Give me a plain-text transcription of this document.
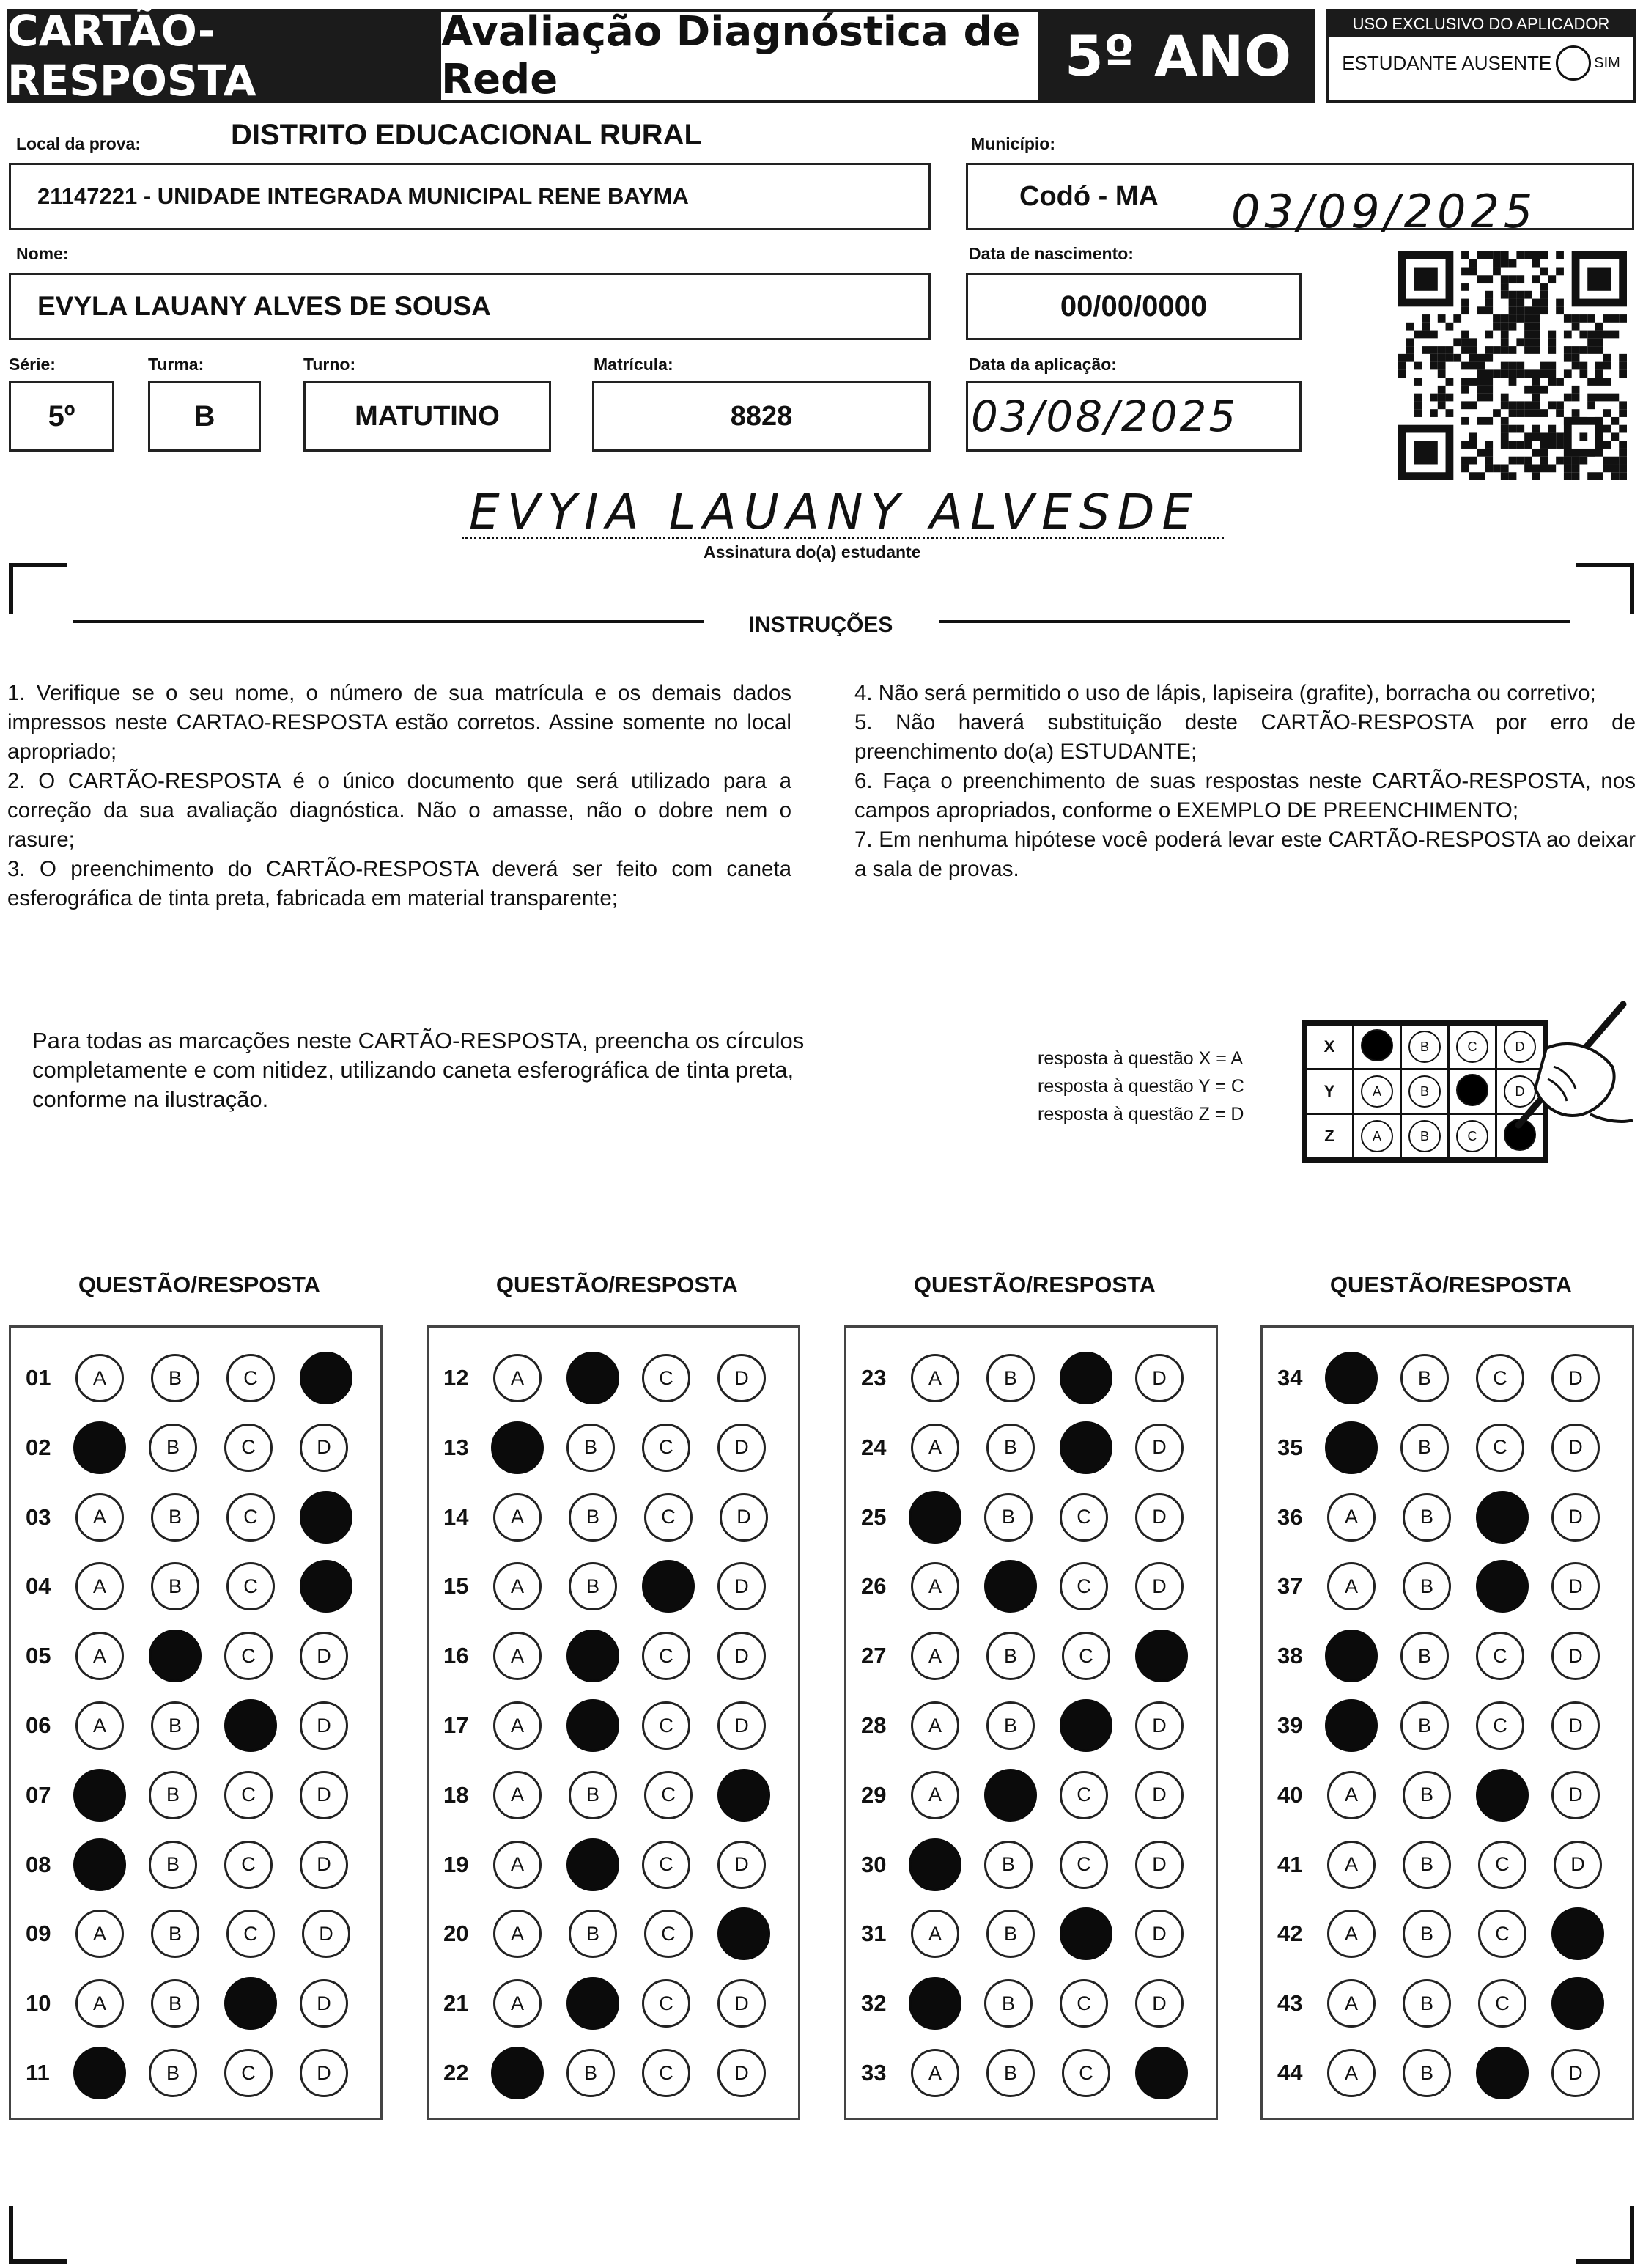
CARTÃO-RESPOSTA
Avaliação Diagnóstica de Rede	5º ANO	USO EXCLUSIVO DO APLICADOR
ESTUDANTE AUSENTE	SIM
Local da prova:	DISTRITO EDUCACIONAL RURAL
21147221 - UNIDADE INTEGRADA MUNICIPAL RENE BAYMA
Município:
Codó - MA 03/09/2025
Nome:
EVYLA LAUANY ALVES DE SOUSA
Data de nascimento:
00/00/0000
Série:
5º
Turma:
B
Turno:
MATUTINO
Matrícula:
8828
Data da aplicação:
03/08/2025
EVYIA LAUANY ALVESDE
Assinatura do(a) estudante
INSTRUÇÕES

1. Verifique se o seu nome, o número de sua matrícula e os demais dados impressos neste CARTAO-RESPOSTA estão corretos. Assine somente no local apropriado;

2. O CARTÃO-RESPOSTA é o único documento que será utilizado para a correção da sua avaliação diagnóstica. Não o amasse, não o dobre nem o rasure;

3. O preenchimento do CARTÃO-RESPOSTA deverá ser feito com caneta esferográfica de tinta preta, fabricada em material transparente;

4. Não será permitido o uso de lápis, lapiseira (grafite), borracha ou corretivo;

5. Não haverá substituição deste CARTÃO-RESPOSTA por erro de preenchimento do(a) ESTUDANTE;

6. Faça o preenchimento de suas respostas neste CARTÃO-RESPOSTA, nos campos apropriados, conforme o EXEMPLO DE PREENCHIMENTO;

7. Em nenhuma hipótese você poderá levar este CARTÃO-RESPOSTA ao deixar a sala de provas.

Para todas as marcações neste CARTÃO-RESPOSTA, preencha os círculos completamente e com nitidez, utilizando caneta esferográfica de tinta preta, conforme na ilustração.
resposta à questão X = A
resposta à questão Y = C
resposta à questão Z = D
X		B	C	D
Y	A	B		D
Z	A	B	C	
QUESTÃO/RESPOSTA
01	A	B	C
02	B	C	D
03	A	B	C
04	A	B	C
05	A	C	D
06	A	B	D
07	B	C	D
08	B	C	D
09	A	B	C	D
10	A	B	D
11	B	C	D
QUESTÃO/RESPOSTA
12	A	C	D
13	B	C	D
14	A	B	C	D
15	A	B	D
16	A	C	D
17	A	C	D
18	A	B	C
19	A	C	D
20	A	B	C
21	A	C	D
22	B	C	D
QUESTÃO/RESPOSTA
23	A	B	D
24	A	B	D
25	B	C	D
26	A	C	D
27	A	B	C
28	A	B	D
29	A	C	D
30	B	C	D
31	A	B	D
32	B	C	D
33	A	B	C
QUESTÃO/RESPOSTA
34	B	C	D
35	B	C	D
36	A	B	D
37	A	B	D
38	B	C	D
39	B	C	D
40	A	B	D
41	A	B	C	D
42	A	B	C
43	A	B	C
44	A	B	D
